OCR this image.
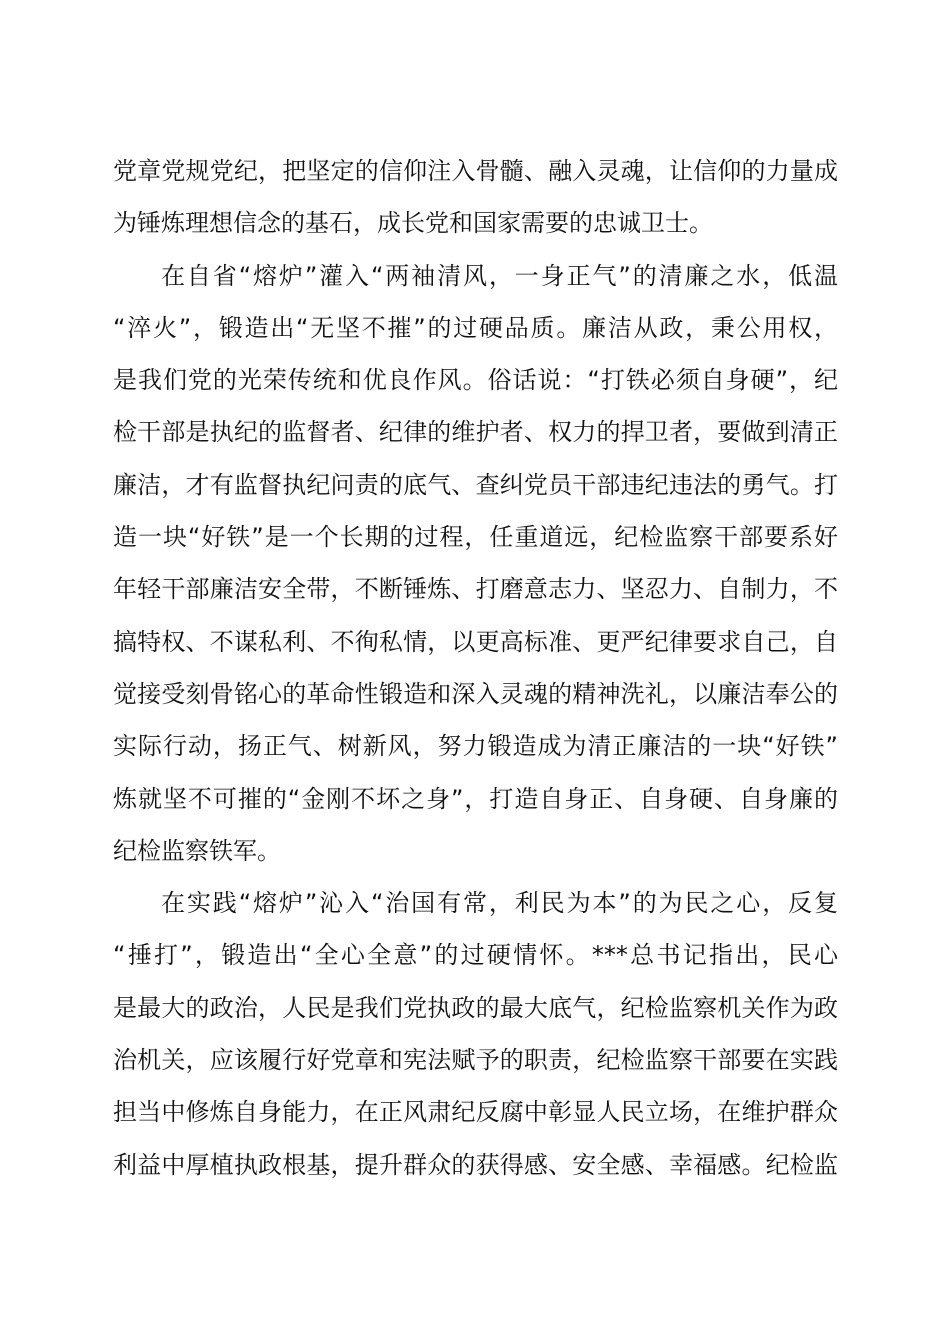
党章党规党纪，把坚定的信仰注入骨髓、融入灵魂，让信仰的力量成
为锤炼理想信念的基石，成长党和国家需要的忠诚卫士。
在自省“熔炉”灌入“两袖清风，一身正气”的清廉之水，低温
“淬火”，锻造出“无坚不摧”的过硬品质。廉洁从政，秉公用权，
是我们党的光荣传统和优良作风。俗话说：“打铁必须自身硬”，纪
检干部是执纪的监督者、纪律的维护者、权力的捍卫者，要做到清正
廉洁，才有监督执纪问责的底气、查纠党员干部违纪违法的勇气。打
造一块“好铁”是一个长期的过程，任重道远，纪检监察干部要系好
年轻干部廉洁安全带，不断锤炼、打磨意志力、坚忍力、自制力，不
搞特权、不谋私利、不徇私情，以更高标准、更严纪律要求自己，自
觉接受刻骨铭心的革命性锻造和深入灵魂的精神洗礼，以廉洁奉公的
实际行动，扬正气、树新风，努力锻造成为清正廉洁的一块“好铁”
炼就坚不可摧的“金刚不坏之身”，打造自身正、自身硬、自身廉的
纪检监察铁军。
在实践“熔炉”沁入“治国有常，利民为本”的为民之心，反复
“捶打”，锻造出“全心全意”的过硬情怀。***总书记指出，民心
是最大的政治，人民是我们党执政的最大底气，纪检监察机关作为政
治机关，应该履行好党章和宪法赋予的职责，纪检监察干部要在实践
担当中修炼自身能力，在正风肃纪反腐中彰显人民立场，在维护群众
利益中厚植执政根基，提升群众的获得感、安全感、幸福感。纪检监
